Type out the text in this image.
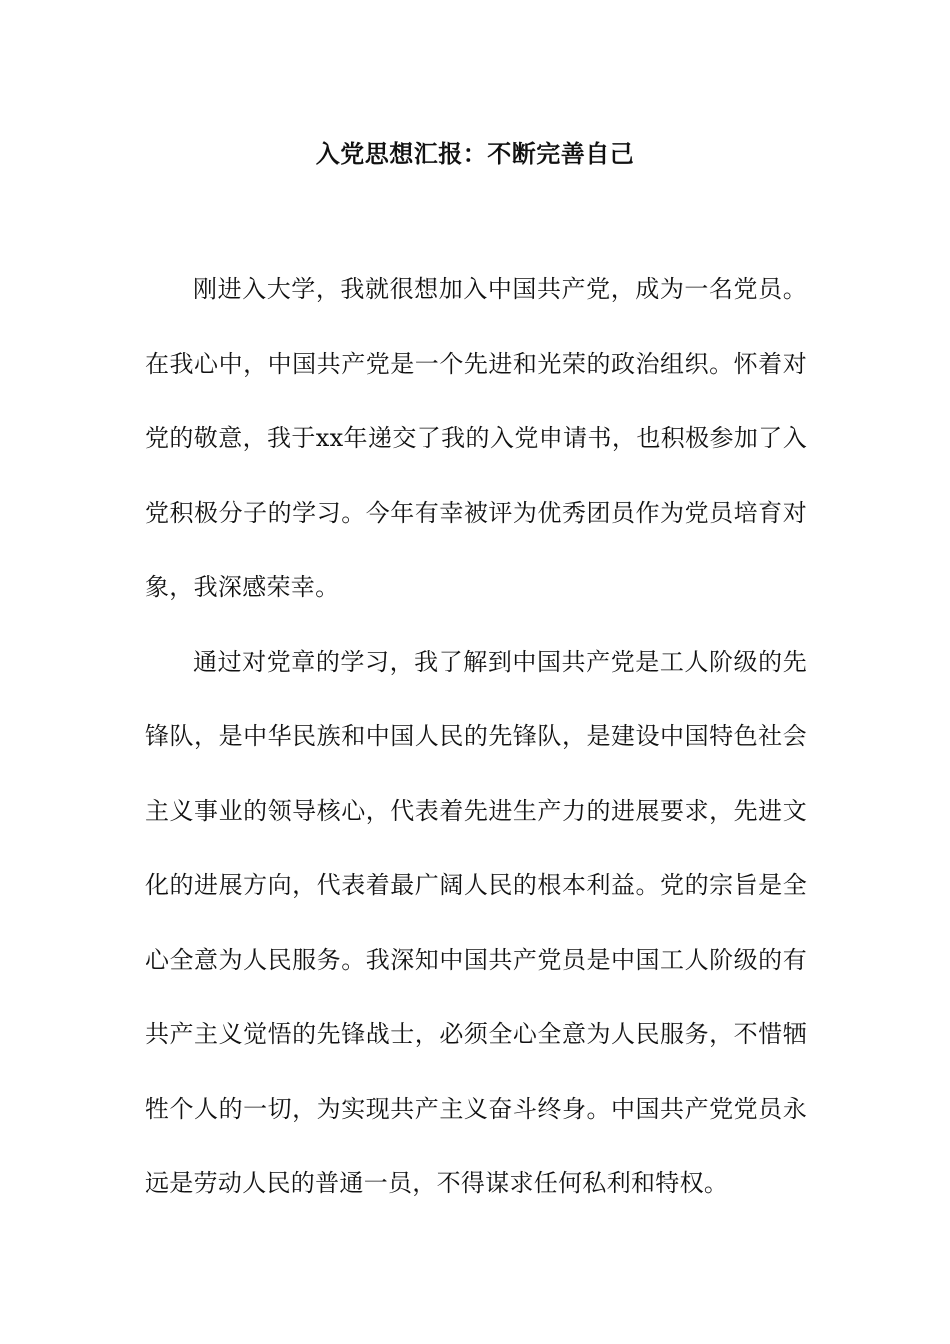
入党思想汇报：不断完善自己

刚进入大学，我就很想加入中国共产党，成为一名党员。在我心中，中国共产党是一个先进和光荣的政治组织。怀着对党的敬意，我于xx年递交了我的入党申请书，也积极参加了入党积极分子的学习。今年有幸被评为优秀团员作为党员培育对象，我深感荣幸。

通过对党章的学习，我了解到中国共产党是工人阶级的先锋队，是中华民族和中国人民的先锋队，是建设中国特色社会主义事业的领导核心，代表着先进生产力的进展要求，先进文化的进展方向，代表着最广阔人民的根本利益。党的宗旨是全心全意为人民服务。我深知中国共产党员是中国工人阶级的有共产主义觉悟的先锋战士，必须全心全意为人民服务，不惜牺牲个人的一切，为实现共产主义奋斗终身。中国共产党党员永远是劳动人民的普通一员，不得谋求任何私利和特权。
